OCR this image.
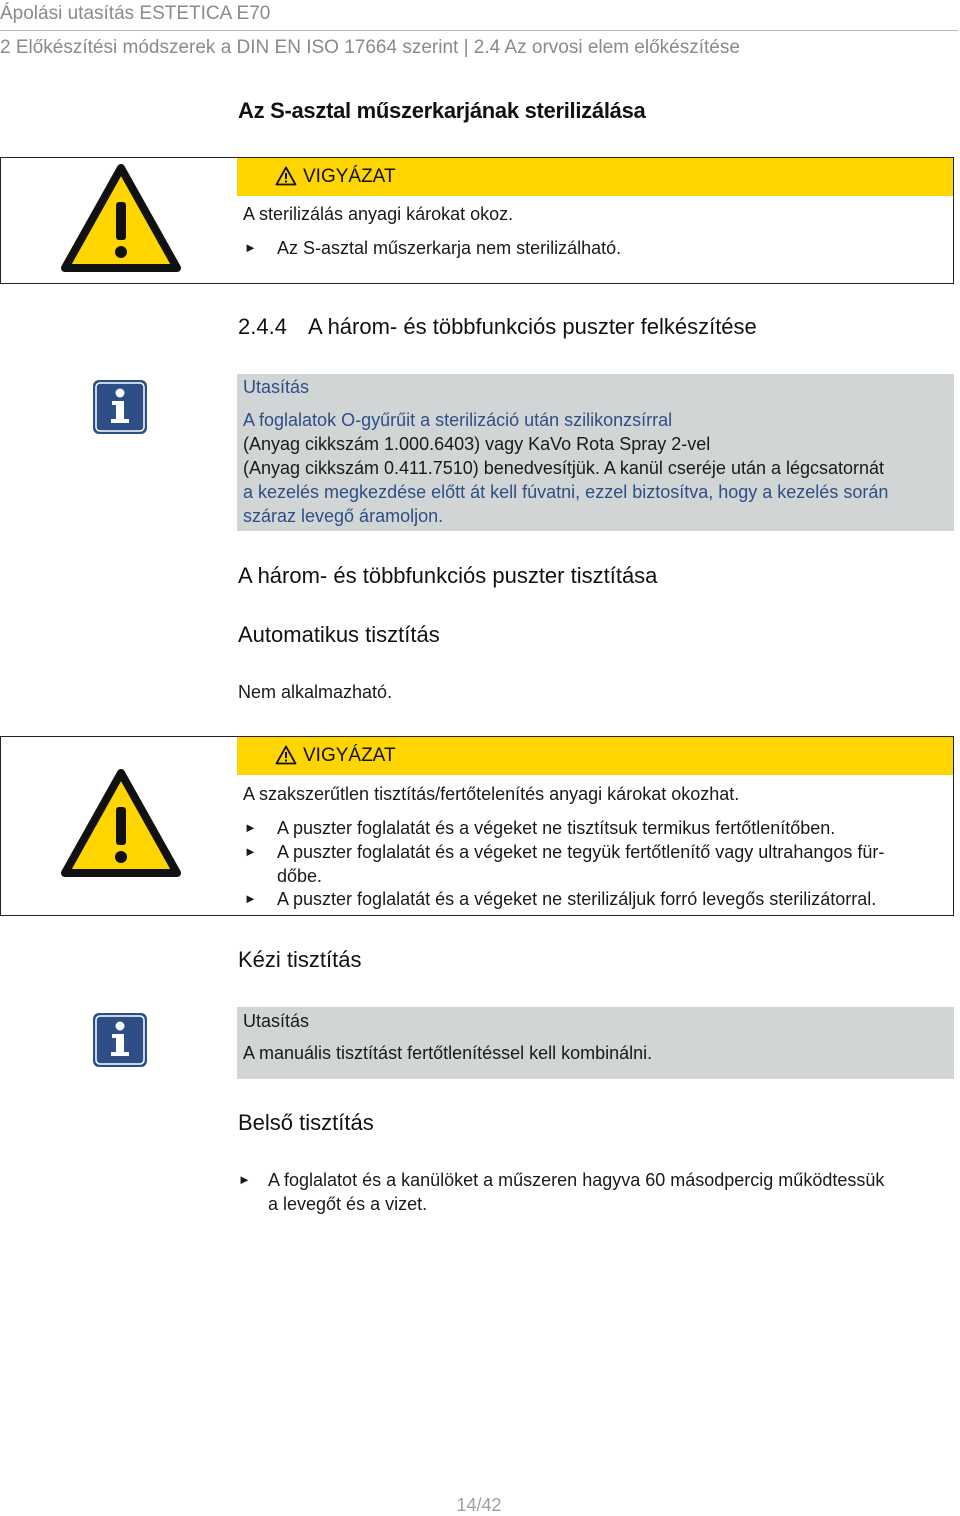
Ápolási utasítás ESTETICA E70
2 Előkészítési módszerek a DIN EN ISO 17664 szerint | 2.4 Az orvosi elem előkészítése
Az S-asztal műszerkarjának sterilizálása
VIGYÁZAT
A sterilizálás anyagi károkat okoz.
► Az S-asztal műszerkarja nem sterilizálható.
2.4.4 A három- és többfunkciós puszter felkészítése
Utasítás
A foglalatok O-gyűrűit a sterilizáció után szilikonzsírral
(Anyag cikkszám 1.000.6403) vagy KaVo Rota Spray 2-vel
(Anyag cikkszám 0.411.7510) benedvesítjük. A kanül cseréje után a légcsatornát
a kezelés megkezdése előtt át kell fúvatni, ezzel biztosítva, hogy a kezelés során
száraz levegő áramoljon.
A három- és többfunkciós puszter tisztítása
Automatikus tisztítás
Nem alkalmazható.
VIGYÁZAT
A szakszerűtlen tisztítás/fertőtelenítés anyagi károkat okozhat.
► A puszter foglalatát és a végeket ne tisztítsuk termikus fertőtlenítőben.
► A puszter foglalatát és a végeket ne tegyük fertőtlenítő vagy ultrahangos für-
dőbe.
► A puszter foglalatát és a végeket ne sterilizáljuk forró levegős sterilizátorral.
Kézi tisztítás
Utasítás
A manuális tisztítást fertőtlenítéssel kell kombinálni.
Belső tisztítás
► A foglalatot és a kanülöket a műszeren hagyva 60 másodpercig működtessük
a levegőt és a vizet.
14/42
